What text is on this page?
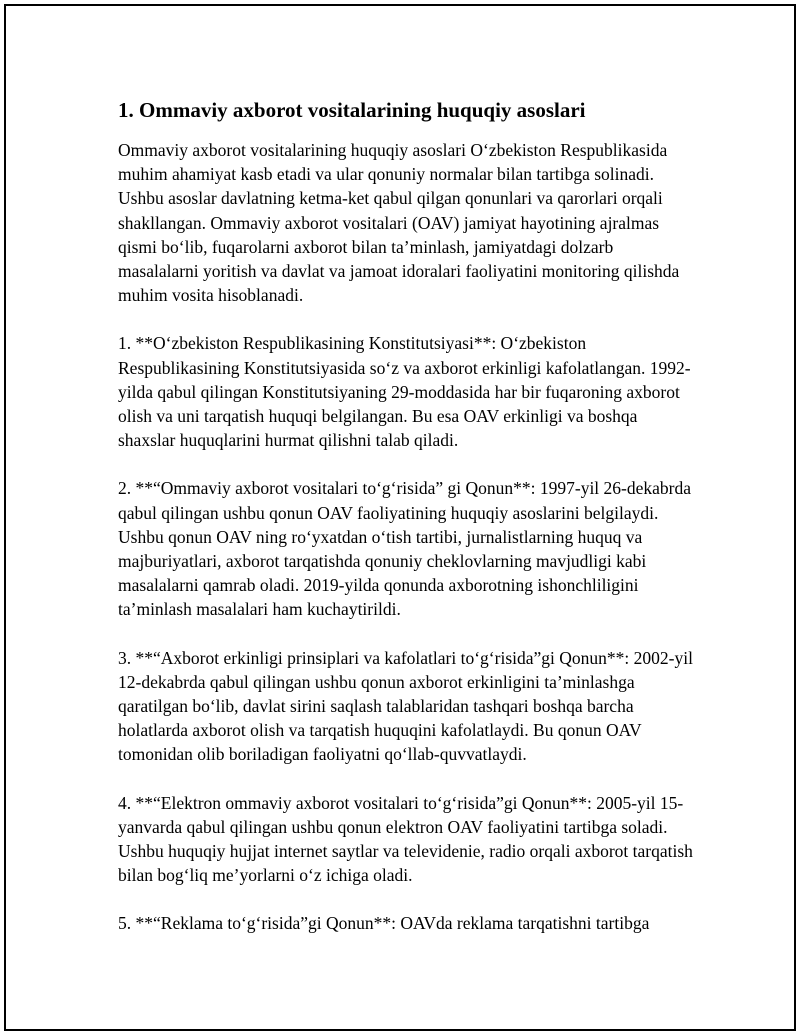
1. Ommaviy axborot vositalarining huquqiy asoslari

Ommaviy axborot vositalarining huquqiy asoslari O‘zbekiston Respublikasida muhim ahamiyat kasb etadi va ular qonuniy normalar bilan tartibga solinadi. Ushbu asoslar davlatning ketma-ket qabul qilgan qonunlari va qarorlari orqali shakllangan. Ommaviy axborot vositalari (OAV) jamiyat hayotining ajralmas qismi bo‘lib, fuqarolarni axborot bilan ta’minlash, jamiyatdagi dolzarb masalalarni yoritish va davlat va jamoat idoralari faoliyatini monitoring qilishda muhim vosita hisoblanadi.

1. **O‘zbekiston Respublikasining Konstitutsiyasi**: O‘zbekiston Respublikasining Konstitutsiyasida so‘z va axborot erkinligi kafolatlangan. 1992-yilda qabul qilingan Konstitutsiyaning 29-moddasida har bir fuqaroning axborot olish va uni tarqatish huquqi belgilangan. Bu esa OAV erkinligi va boshqa shaxslar huquqlarini hurmat qilishni talab qiladi.

2. **“Ommaviy axborot vositalari to‘g‘risida” gi Qonun**: 1997-yil 26-dekabrda qabul qilingan ushbu qonun OAV faoliyatining huquqiy asoslarini belgilaydi. Ushbu qonun OAV ning ro‘yxatdan o‘tish tartibi, jurnalistlarning huquq va majburiyatlari, axborot tarqatishda qonuniy cheklovlarning mavjudligi kabi masalalarni qamrab oladi. 2019-yilda qonunda axborotning ishonchliligini ta’minlash masalalari ham kuchaytirildi.

3. **“Axborot erkinligi prinsiplari va kafolatlari to‘g‘risida”gi Qonun**: 2002-yil 12-dekabrda qabul qilingan ushbu qonun axborot erkinligini ta’minlashga qaratilgan bo‘lib, davlat sirini saqlash talablaridan tashqari boshqa barcha holatlarda axborot olish va tarqatish huquqini kafolatlaydi. Bu qonun OAV tomonidan olib boriladigan faoliyatni qo‘llab-quvvatlaydi.

4. **“Elektron ommaviy axborot vositalari to‘g‘risida”gi Qonun**: 2005-yil 15-yanvarda qabul qilingan ushbu qonun elektron OAV faoliyatini tartibga soladi. Ushbu huquqiy hujjat internet saytlar va televidenie, radio orqali axborot tarqatish bilan bog‘liq me’yorlarni o‘z ichiga oladi.

5. **“Reklama to‘g‘risida”gi Qonun**: OAVda reklama tarqatishni tartibga
